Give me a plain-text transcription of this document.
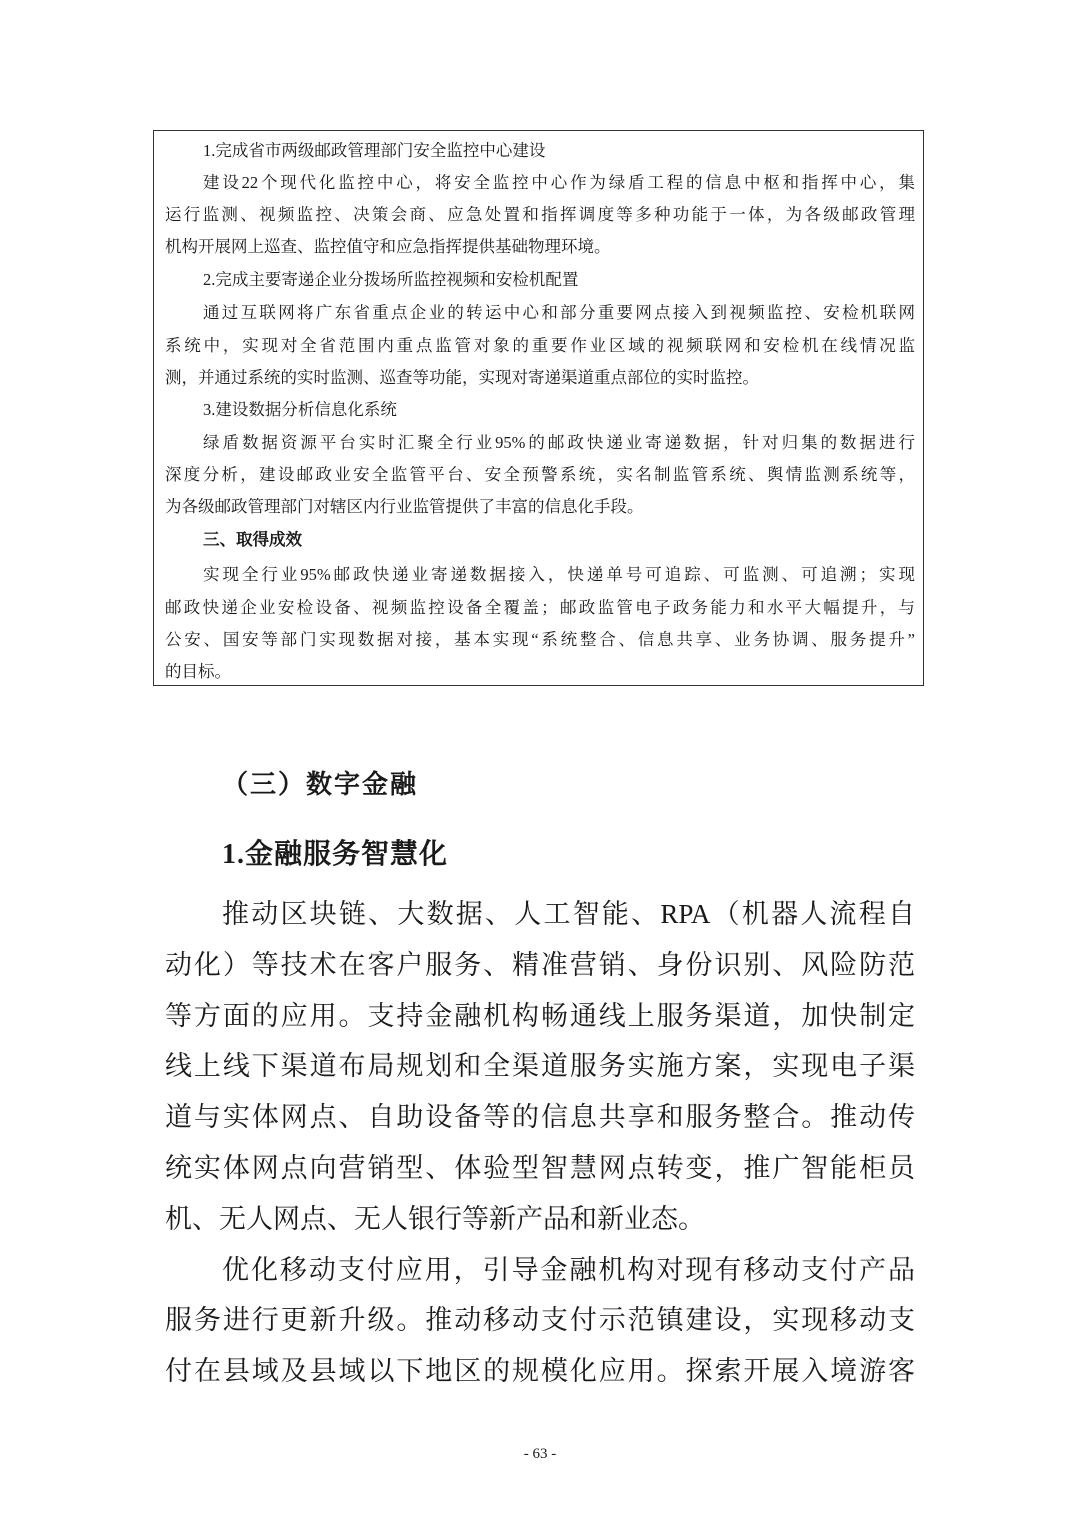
1.完成省市两级邮政管理部门安全监控中心建设
建设22个现代化监控中心，将安全监控中心作为绿盾工程的信息中枢和指挥中心，集
运行监测、视频监控、决策会商、应急处置和指挥调度等多种功能于一体，为各级邮政管理
机构开展网上巡查、监控值守和应急指挥提供基础物理环境。
2.完成主要寄递企业分拨场所监控视频和安检机配置
通过互联网将广东省重点企业的转运中心和部分重要网点接入到视频监控、安检机联网
系统中，实现对全省范围内重点监管对象的重要作业区域的视频联网和安检机在线情况监
测，并通过系统的实时监测、巡查等功能，实现对寄递渠道重点部位的实时监控。
3.建设数据分析信息化系统
绿盾数据资源平台实时汇聚全行业95%的邮政快递业寄递数据，针对归集的数据进行
深度分析，建设邮政业安全监管平台、安全预警系统，实名制监管系统、舆情监测系统等，
为各级邮政管理部门对辖区内行业监管提供了丰富的信息化手段。
三、取得成效
实现全行业95%邮政快递业寄递数据接入，快递单号可追踪、可监测、可追溯；实现
邮政快递企业安检设备、视频监控设备全覆盖；邮政监管电子政务能力和水平大幅提升，与
公安、国安等部门实现数据对接，基本实现“系统整合、信息共享、业务协调、服务提升”
的目标。
（三）数字金融
1.金融服务智慧化
推动区块链、大数据、人工智能、RPA（机器人流程自
动化）等技术在客户服务、精准营销、身份识别、风险防范
等方面的应用。支持金融机构畅通线上服务渠道，加快制定
线上线下渠道布局规划和全渠道服务实施方案，实现电子渠
道与实体网点、自助设备等的信息共享和服务整合。推动传
统实体网点向营销型、体验型智慧网点转变，推广智能柜员
机、无人网点、无人银行等新产品和新业态。
优化移动支付应用，引导金融机构对现有移动支付产品
服务进行更新升级。推动移动支付示范镇建设，实现移动支
付在县域及县域以下地区的规模化应用。探索开展入境游客
- 63 -
